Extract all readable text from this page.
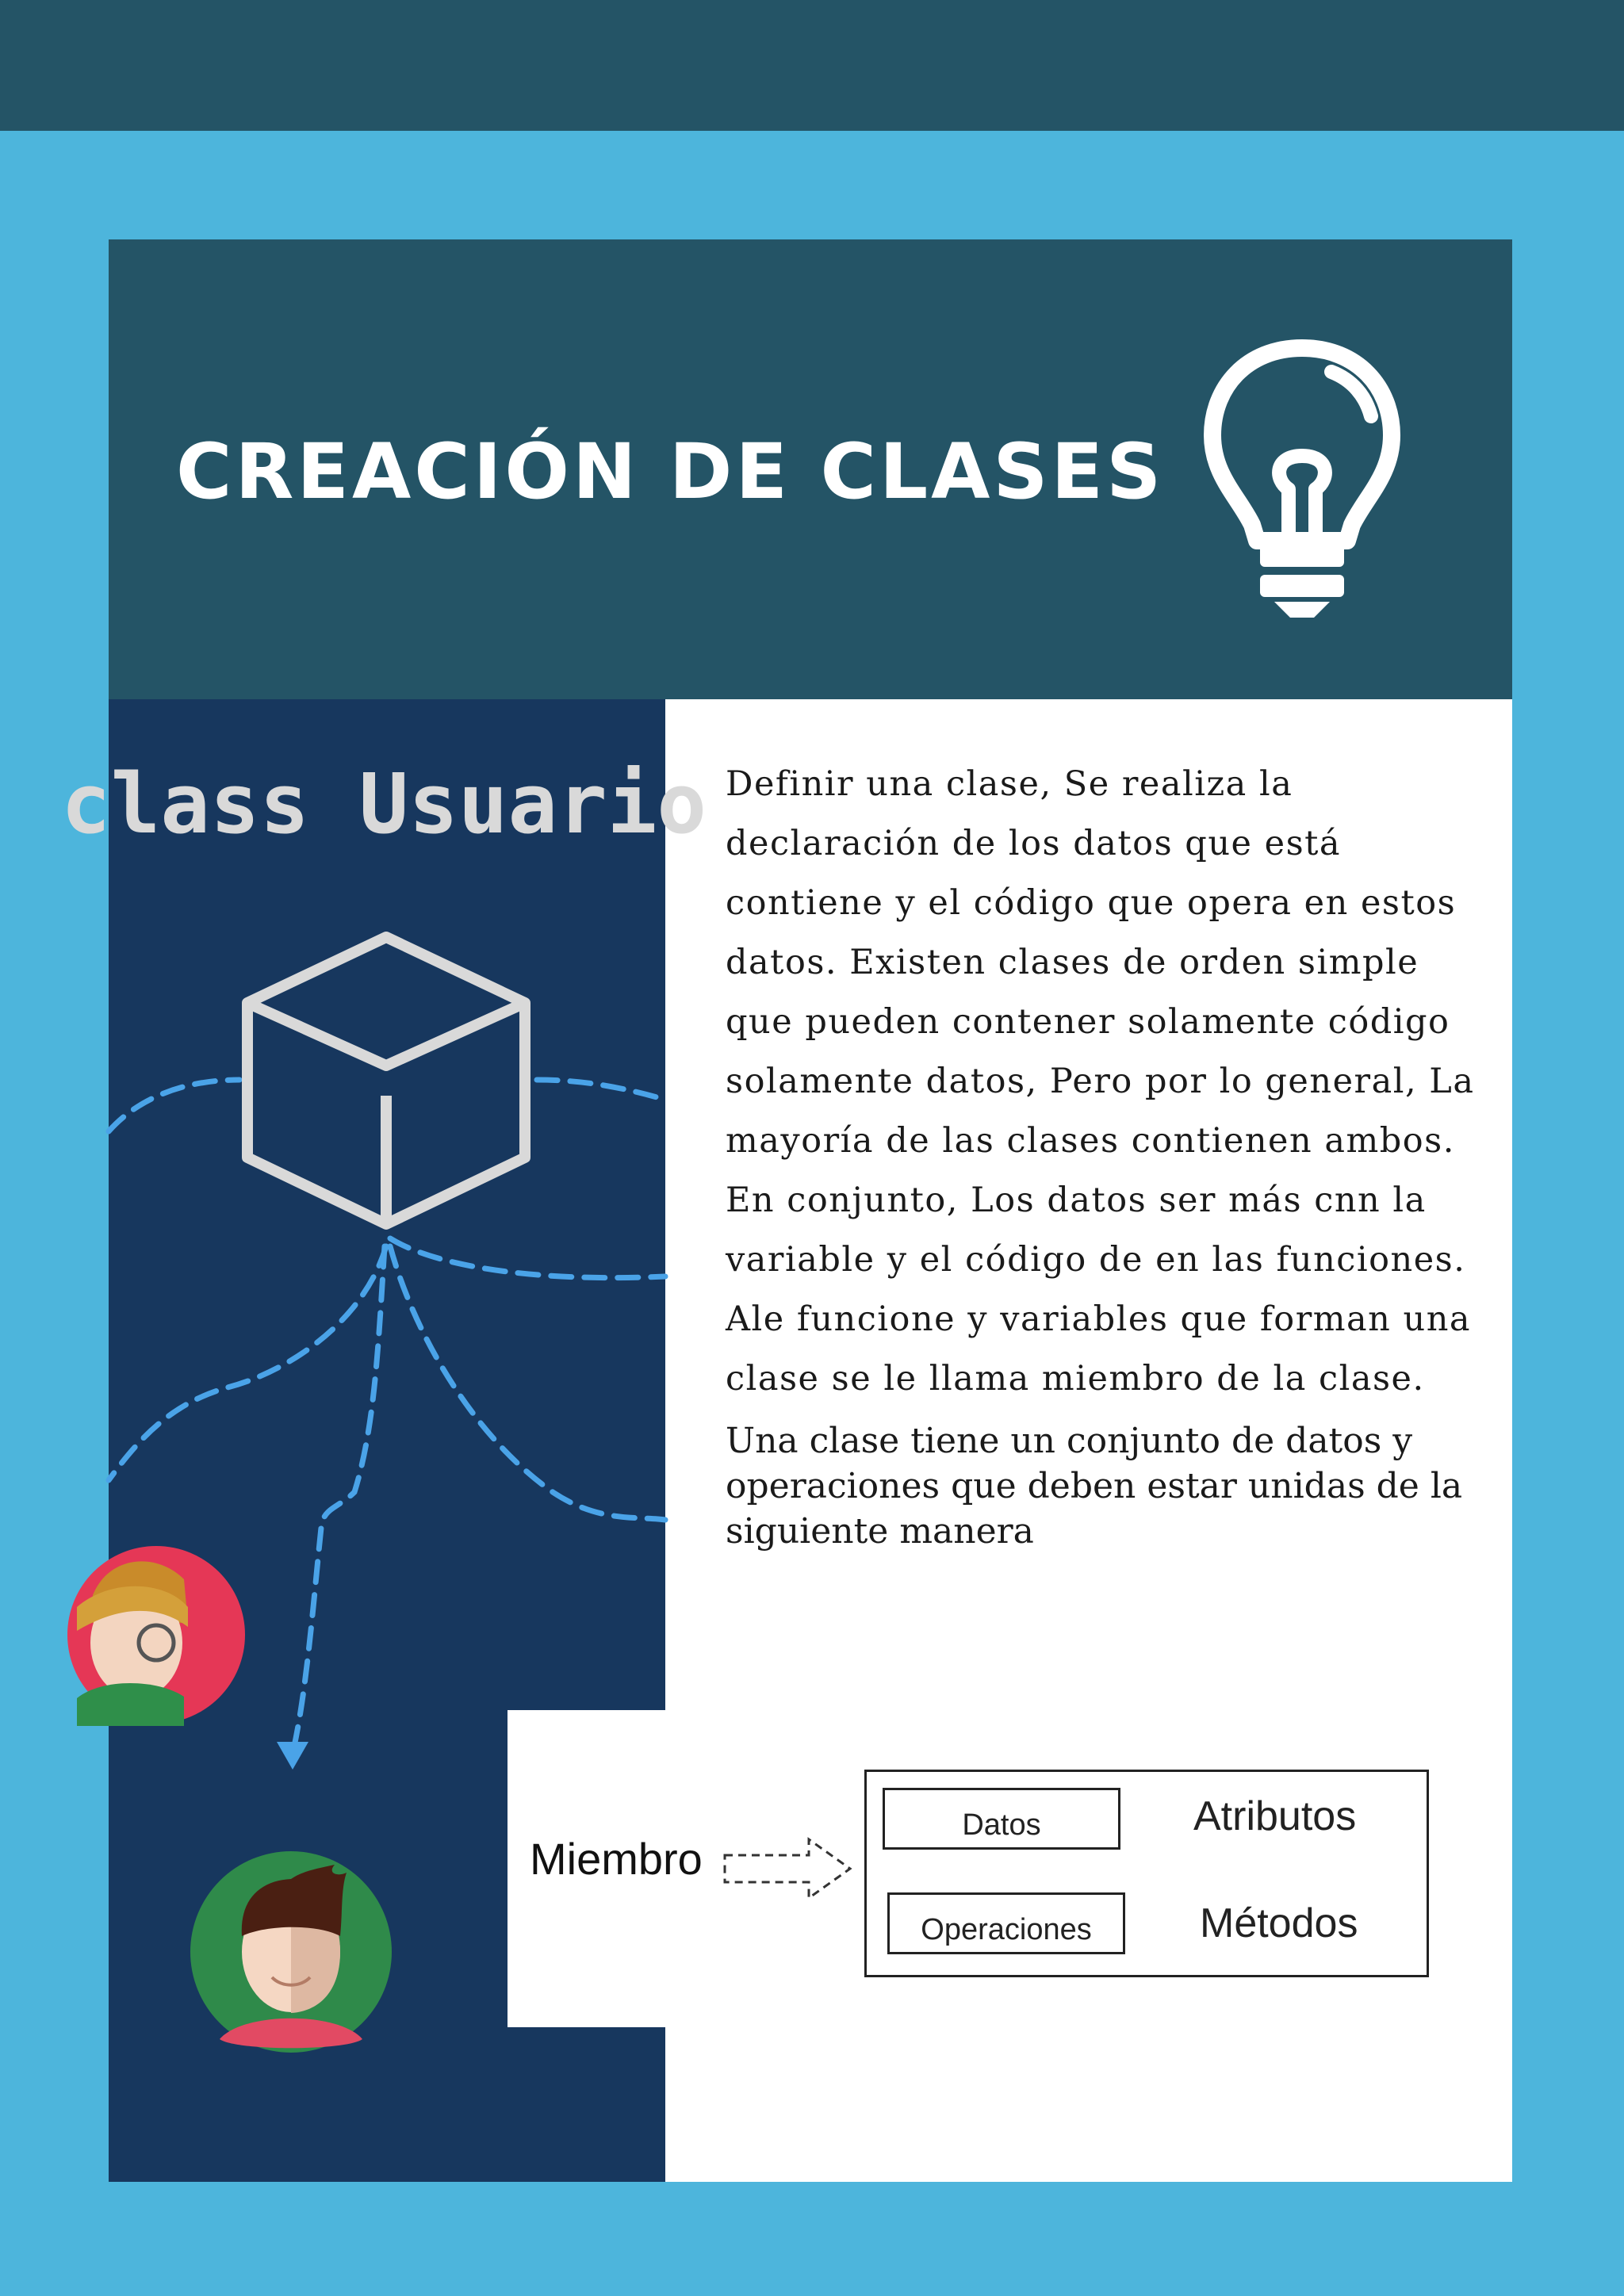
CREACIÓN DE CLASES
class Usuario Definir una clase, Se realiza la declaración de los datos que está contiene y el código que opera en estos datos. Existen clases de orden simple que pueden contener solamente código solamente datos, Pero por lo general, La mayoría de las clases contienen ambos. En conjunto, Los datos ser más cnn la variable y el código de en las funciones. Ale funcione y variables que forman una clase se le llama miembro de la clase.

Una clase tiene un conjunto de datos y operaciones que deben estar unidas de la siguiente manera

Miembro
Datos
Operaciones
Atributos
Métodos
